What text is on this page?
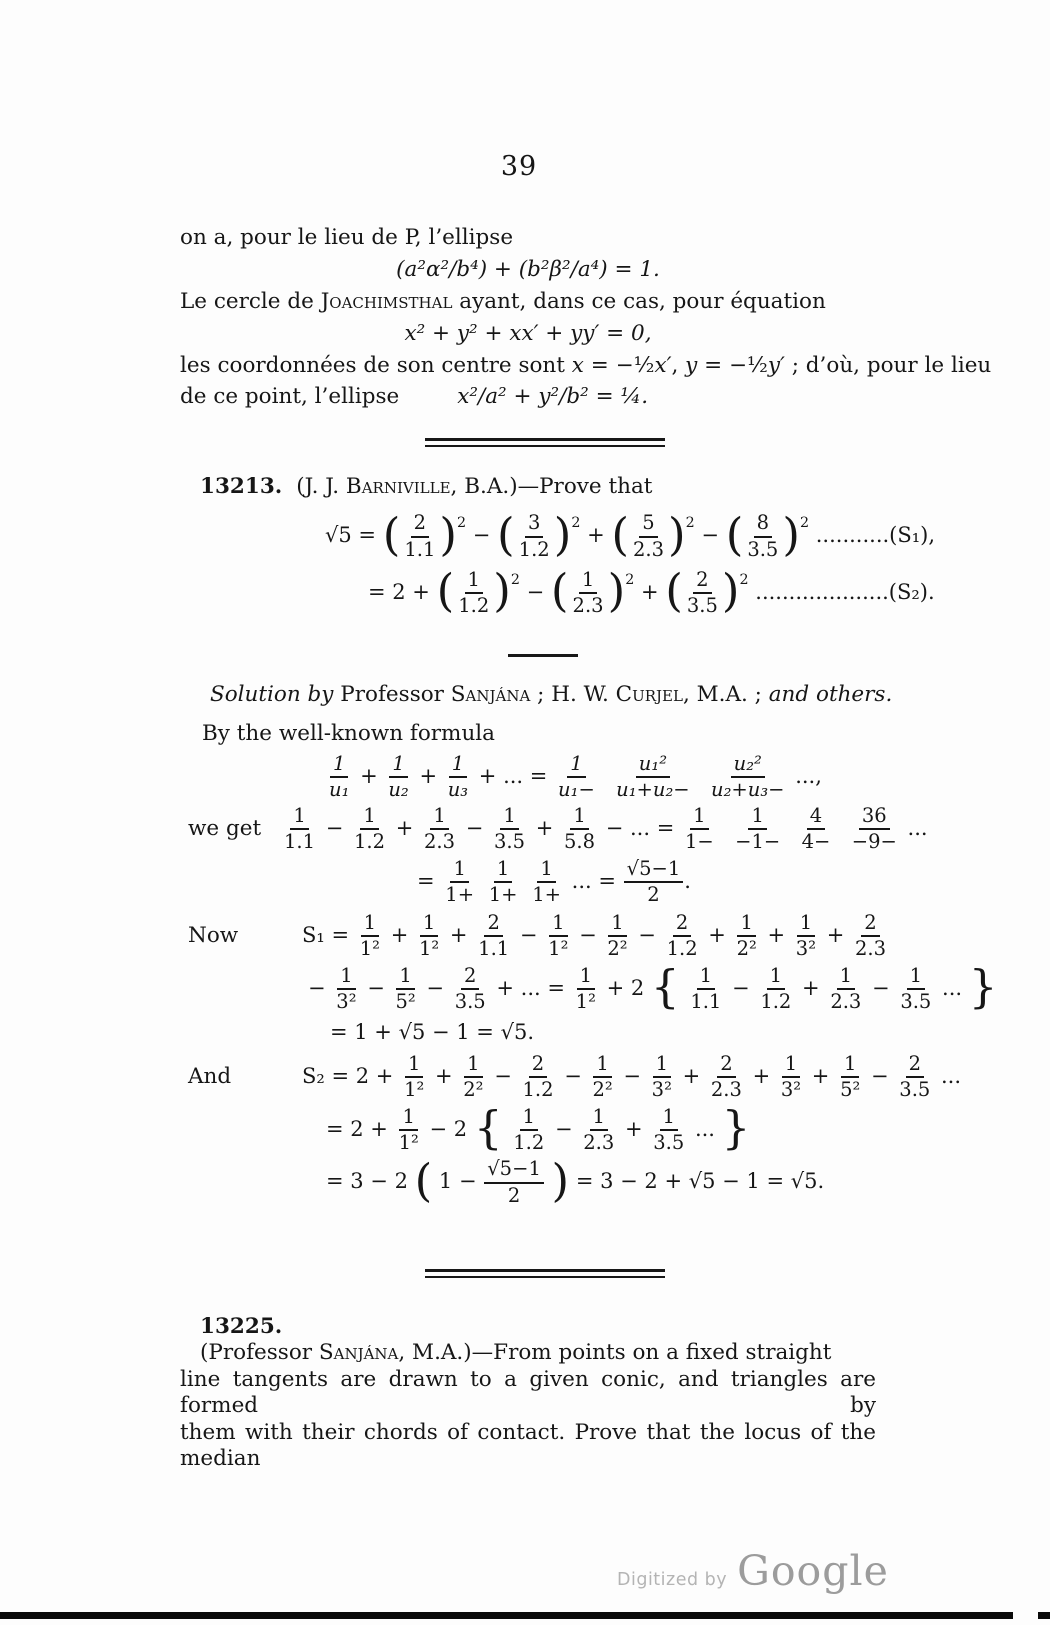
39

on a, pour le lieu de P, l’ellipse

(a²α²/b⁴) + (b²β²/a⁴) = 1.

Le cercle de Joachimsthal ayant, dans ce cas, pour équation

x² + y² + xx′ + yy′ = 0,

les coordonnées de son centre sont x = −½x′, y = −½y′ ; d’où, pour le lieu

de ce point, l’ellipse	x²/a² + y²/b² = ¼.

13213. (J. J. Barniville, B.A.)—Prove that

√5 = ( $\frac{2}{1.1} )^2$ − ( $\frac{3}{1.2} )^2$ + ( $\frac{5}{2.3} )^2$ − ( $\frac{8}{3.5} )^2$ ...........(S₁),
= 2 + ( $\frac{1}{1.2} )^2$ − ( $\frac{1}{2.3} )^2$ + ( $\frac{2}{3.5} )^2$ ....................(S₂).

Solution by Professor Sanjána ; H. W. Curjel, M.A. ; and others.

By the well-known formula

$\frac{1}{\text{u₁}} + \frac{1}{\text{u₂}} + \frac{1}{\text{u₃}}$ + ... = $\frac{1}{\text{u₁−}}$
$\frac{\text{u₁²}}{\text{u₁+u₂−}}$
$\frac{\text{u₂²}}{\text{u₂+u₃−}}$ ...,
we get $\frac{1}{1.1} - \frac{1}{1.2} + \frac{1}{2.3} - \frac{1}{3.5} + \frac{1}{5.8}$ − ... = $\frac{1}{1-}$
$\frac{1}{-1-}$
$\frac{4}{4-}$
$\frac{36}{-9-}$ ...
= $\frac{1}{1+}$
$\frac{1}{1+}$
$\frac{1}{1+}$ ... = $\frac{√5-1}{2}$ .
Now	$S_1 = \frac{1}{\text{1²}} + \frac{1}{\text{1²}} + \frac{2}{1.1} - \frac{1}{\text{1²}} - \frac{1}{\text{2²}} - \frac{2}{1.2} + \frac{1}{\text{2²}} + \frac{1}{\text{3²}} + \frac{2}{2.3}$
− $\frac{1}{\text{3²}} - \frac{1}{\text{5²}} - \frac{2}{3.5}$ + ... = $\frac{1}{\text{1²}} + 2$ { $\frac{1}{1.1} - \frac{1}{1.2} + \frac{1}{2.3} - \frac{1}{3.5}$ ... }
= 1 + √5 − 1 = √5.
And	$S_2 = 2 + \frac{1}{\text{1²}} + \frac{1}{\text{2²}} - \frac{2}{1.2} - \frac{1}{\text{2²}} - \frac{1}{\text{3²}} + \frac{2}{2.3} + \frac{1}{\text{3²}} + \frac{1}{\text{5²}} - \frac{2}{3.5}$ ...
= $2 + \frac{1}{\text{1²}} - 2$ { $\frac{1}{1.2} - \frac{1}{2.3} + \frac{1}{3.5}$ ... }
= 3 − 2 ( $1 - \frac{√5-1}{2}$ ) = 3 − 2 + √5 − 1 = √5.

13225.(Professor Sanjána, M.A.)—From points on a fixed straight

line tangents are drawn to a given conic, and triangles are formed by

them with their chords of contact. Prove that the locus of the median

Digitized by Google
